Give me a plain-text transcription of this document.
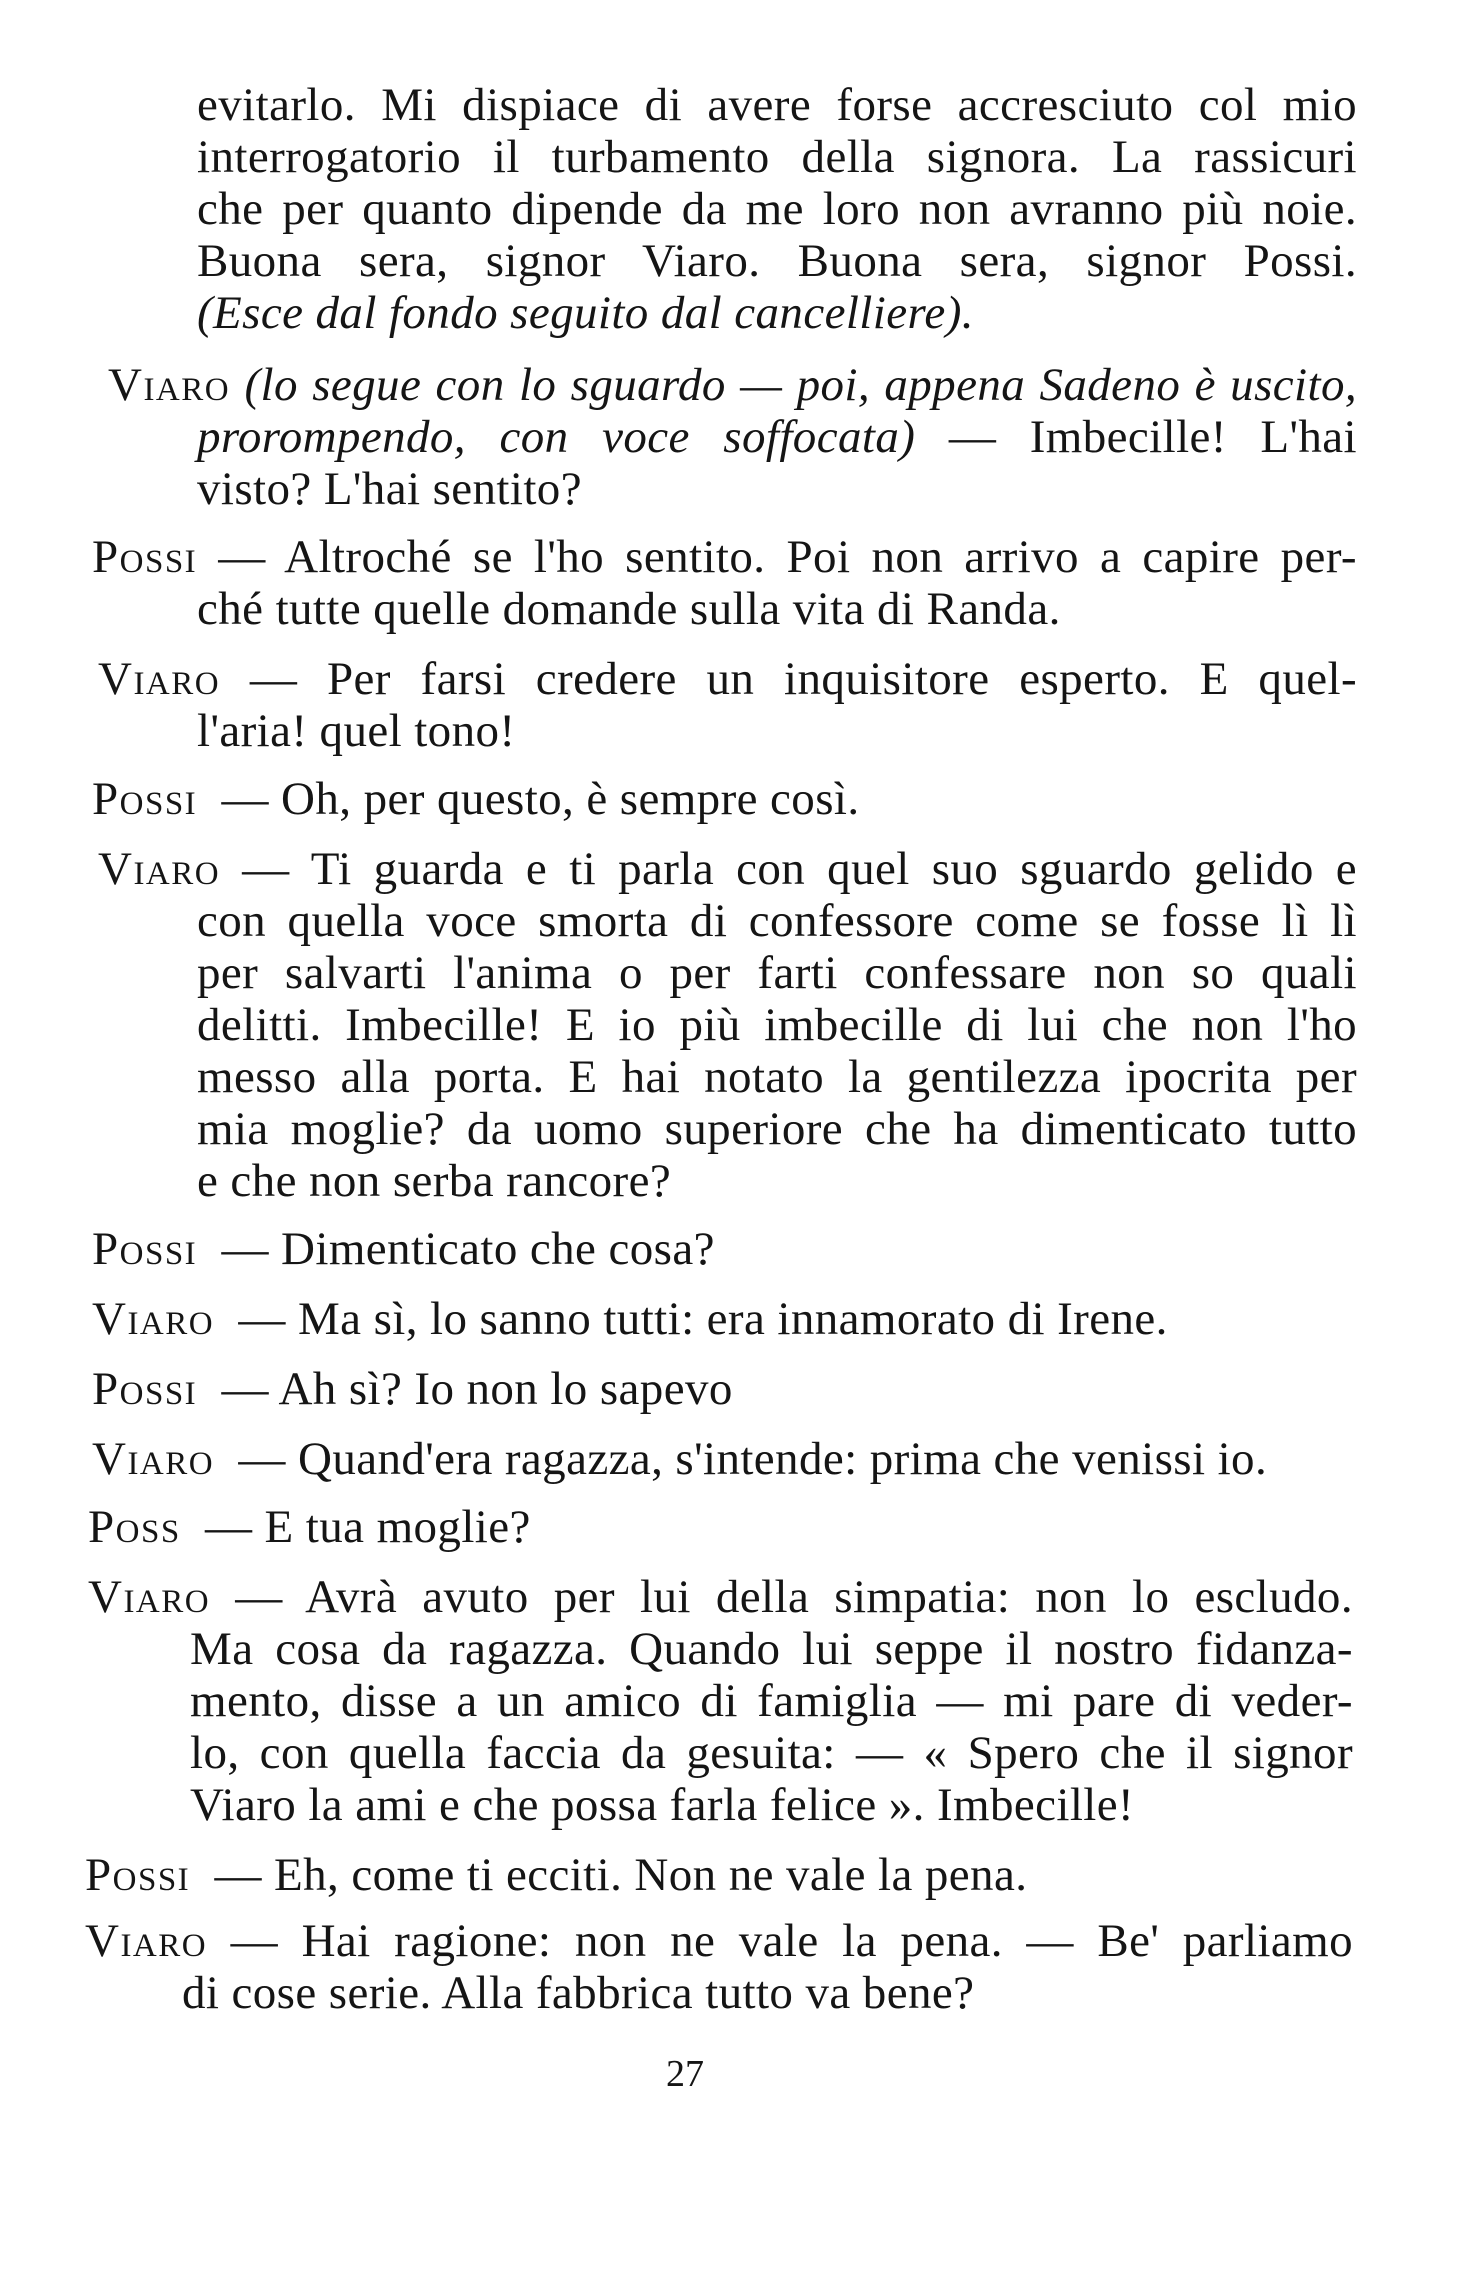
evitarlo. Mi dispiace di avere forse accresciuto col mio
interrogatorio il turbamento della signora. La rassicuri
che per quanto dipende da me loro non avranno più noie.
Buona sera, signor Viaro. Buona sera, signor Possi.
(Esce dal fondo seguito dal cancelliere).
Viaro (lo segue con lo sguardo — poi, appena Sadeno è uscito,
prorompendo, con voce soffocata) — Imbecille! L'hai
visto? L'hai sentito?
Possi — Altroché se l'ho sentito. Poi non arrivo a capire per-
ché tutte quelle domande sulla vita di Randa.
Viaro — Per farsi credere un inquisitore esperto. E quel-
l'aria! quel tono!
Possi — Oh, per questo, è sempre così.
Viaro — Ti guarda e ti parla con quel suo sguardo gelido e
con quella voce smorta di confessore come se fosse lì lì
per salvarti l'anima o per farti confessare non so quali
delitti. Imbecille! E io più imbecille di lui che non l'ho
messo alla porta. E hai notato la gentilezza ipocrita per
mia moglie? da uomo superiore che ha dimenticato tutto
e che non serba rancore?
Possi — Dimenticato che cosa?
Viaro — Ma sì, lo sanno tutti: era innamorato di Irene.
Possi — Ah sì? Io non lo sapevo
Viaro — Quand'era ragazza, s'intende: prima che venissi io.
Poss — E tua moglie?
Viaro — Avrà avuto per lui della simpatia: non lo escludo.
Ma cosa da ragazza. Quando lui seppe il nostro fidanza-
mento, disse a un amico di famiglia — mi pare di veder-
lo, con quella faccia da gesuita: — « Spero che il signor
Viaro la ami e che possa farla felice ». Imbecille!
Possi — Eh, come ti ecciti. Non ne vale la pena.
Viaro — Hai ragione: non ne vale la pena. — Be' parliamo
di cose serie. Alla fabbrica tutto va bene?
27
